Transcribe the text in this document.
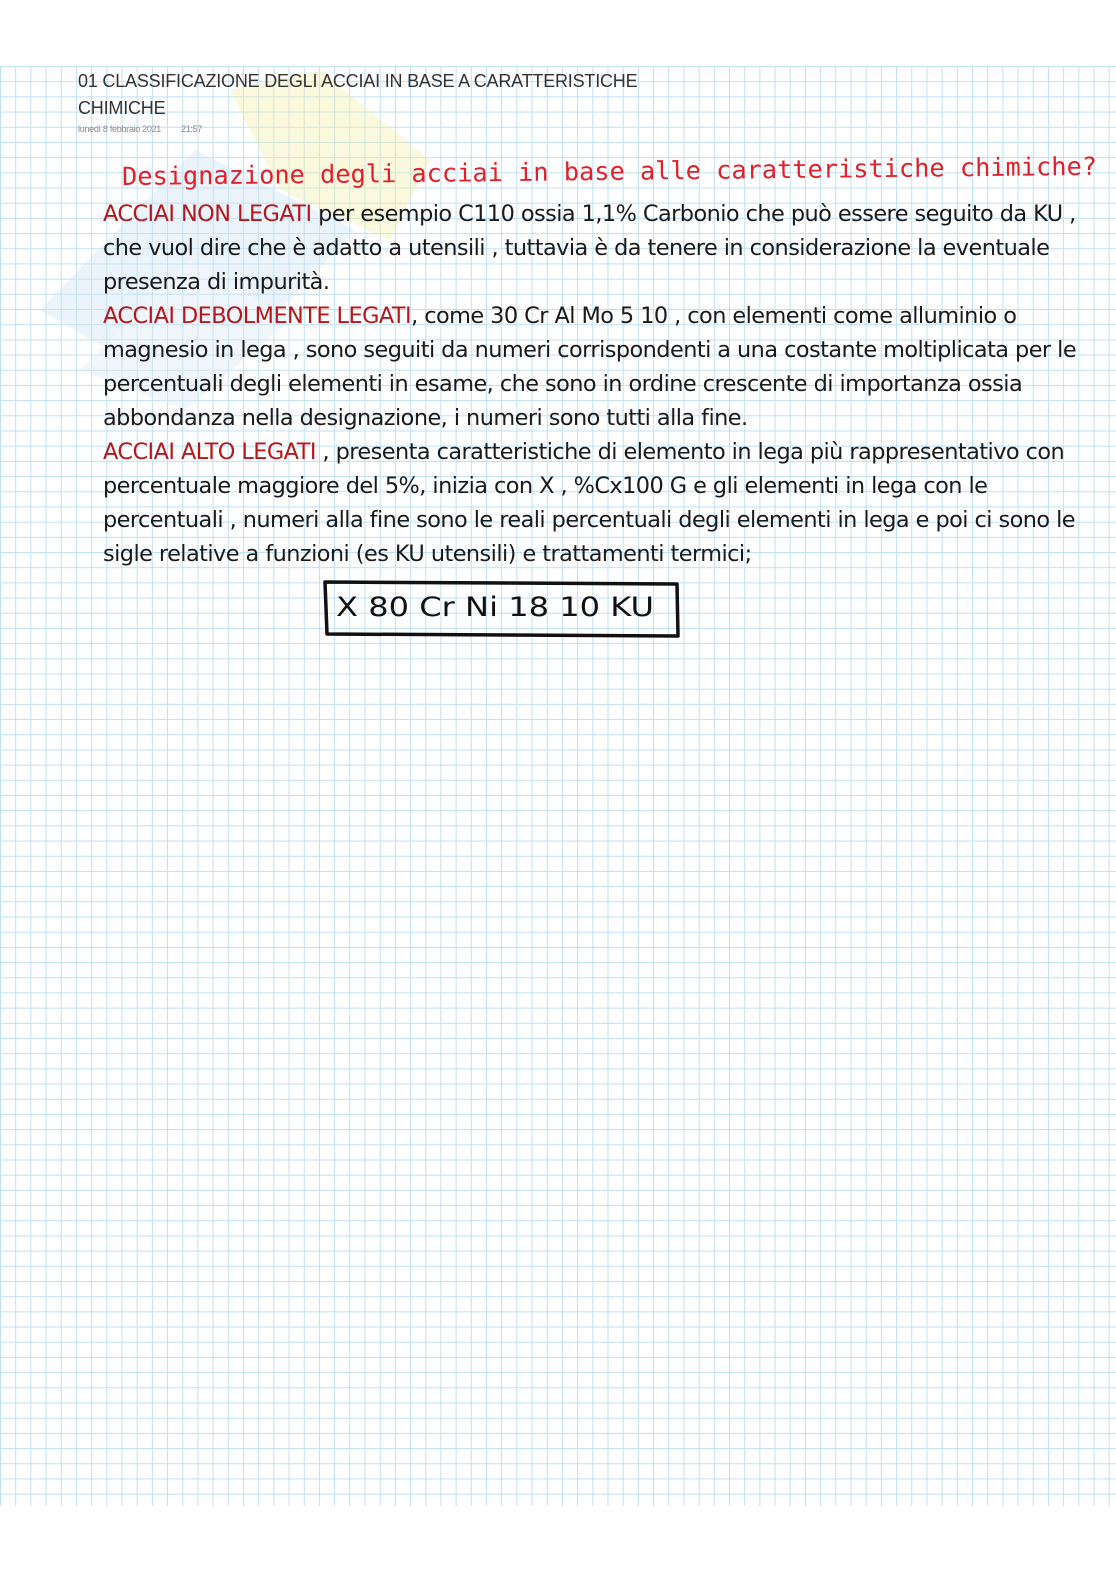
01 CLASSIFICAZIONE DEGLI ACCIAI IN BASE A CARATTERISTICHE CHIMICHE
lunedì 8 febbraio 2021 21:57
Designazione degli acciai in base alle caratteristiche chimiche?

ACCIAI NON LEGATI per esempio C110 ossia 1,1% Carbonio che può essere seguito da KU , che vuol dire che è adatto a utensili , tuttavia è da tenere in considerazione la eventuale presenza di impurità.

ACCIAI DEBOLMENTE LEGATI, come 30 Cr Al Mo 5 10 , con elementi come alluminio o magnesio in lega , sono seguiti da numeri corrispondenti a una costante moltiplicata per le percentuali degli elementi in esame, che sono in ordine crescente di importanza ossia abbondanza nella designazione, i numeri sono tutti alla fine.

ACCIAI ALTO LEGATI , presenta caratteristiche di elemento in lega più rappresentativo con percentuale maggiore del 5%, inizia con X , %Cx100 G e gli elementi in lega con le percentuali , numeri alla fine sono le reali percentuali degli elementi in lega e poi ci sono le sigle relative a funzioni (es KU utensili) e trattamenti termici;

X 80 Cr Ni 18 10 KU
